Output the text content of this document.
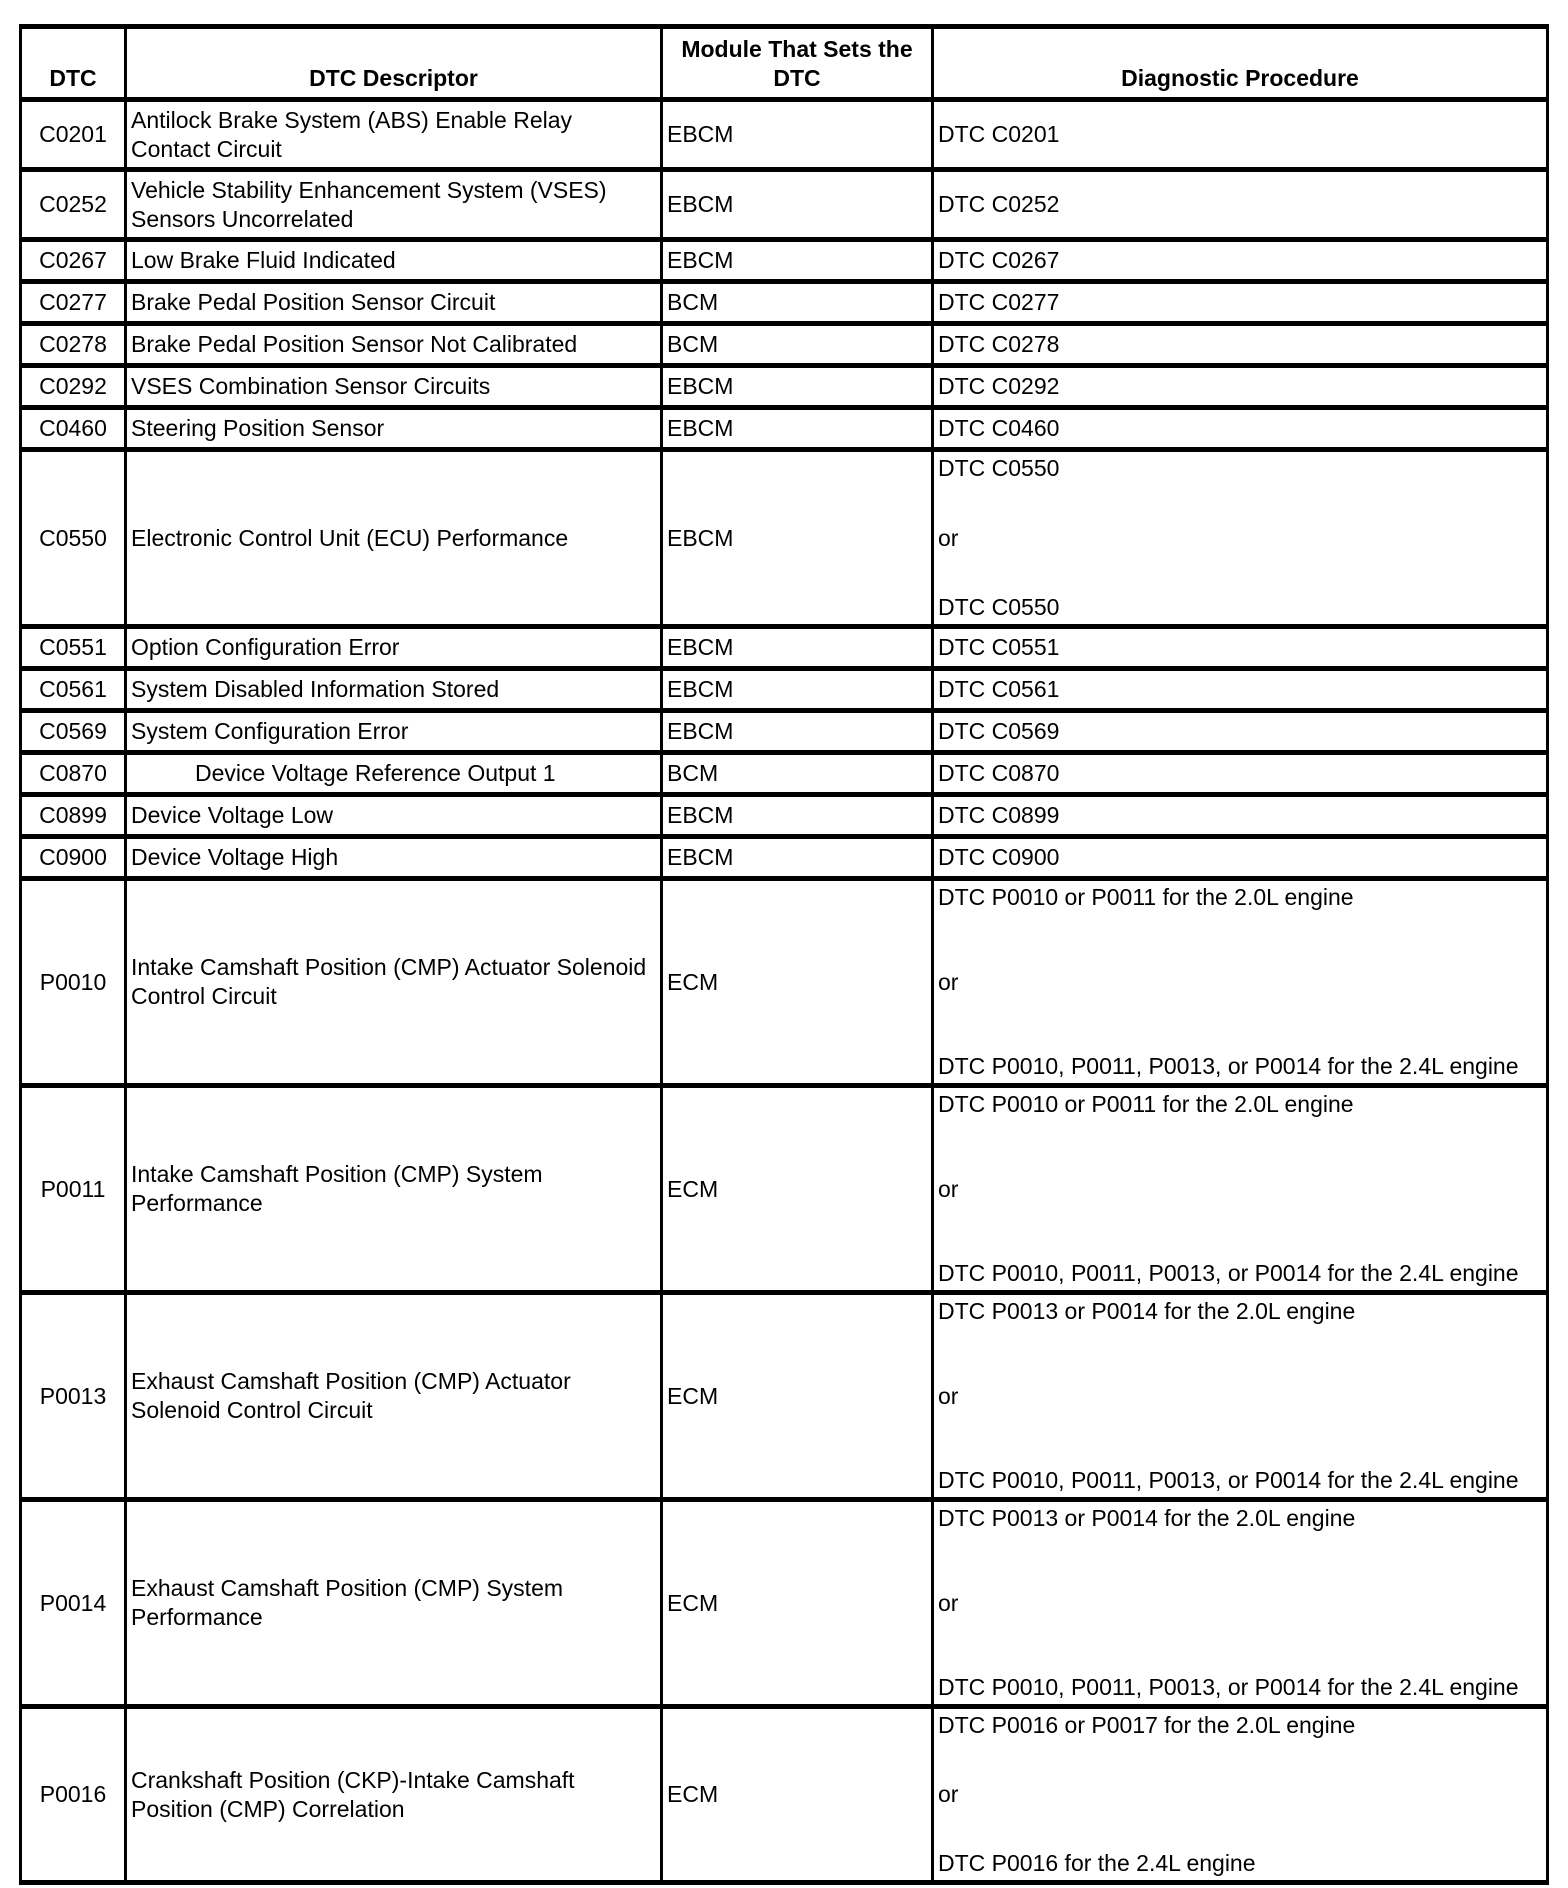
DTC	DTC Descriptor	Module That Sets the DTC	Diagnostic Procedure
C0201	Antilock Brake System (ABS) Enable Relay Contact Circuit	EBCM	DTC C0201
C0252	Vehicle Stability Enhancement System (VSES) Sensors Uncorrelated	EBCM	DTC C0252
C0267	Low Brake Fluid Indicated	EBCM	DTC C0267
C0277	Brake Pedal Position Sensor Circuit	BCM	DTC C0277
C0278	Brake Pedal Position Sensor Not Calibrated	BCM	DTC C0278
C0292	VSES Combination Sensor Circuits	EBCM	DTC C0292
C0460	Steering Position Sensor	EBCM	DTC C0460
C0550	Electronic Control Unit (ECU) Performance	EBCM	DTC C0550
or
DTC C0550

C0551	Option Configuration Error	EBCM	DTC C0551
C0561	System Disabled Information Stored	EBCM	DTC C0561
C0569	System Configuration Error	EBCM	DTC C0569
C0870	Device Voltage Reference Output 1	BCM	DTC C0870
C0899	Device Voltage Low	EBCM	DTC C0899
C0900	Device Voltage High	EBCM	DTC C0900
P0010	Intake Camshaft Position (CMP) Actuator Solenoid Control Circuit	ECM	DTC P0010 or P0011 for the 2.0L engine
or
DTC P0010, P0011, P0013, or P0014 for the 2.4L engine

P0011	Intake Camshaft Position (CMP) System Performance	ECM	DTC P0010 or P0011 for the 2.0L engine
or
DTC P0010, P0011, P0013, or P0014 for the 2.4L engine

P0013	Exhaust Camshaft Position (CMP) Actuator Solenoid Control Circuit	ECM	DTC P0013 or P0014 for the 2.0L engine
or
DTC P0010, P0011, P0013, or P0014 for the 2.4L engine

P0014	Exhaust Camshaft Position (CMP) System Performance	ECM	DTC P0013 or P0014 for the 2.0L engine
or
DTC P0010, P0011, P0013, or P0014 for the 2.4L engine

P0016	Crankshaft Position (CKP)-Intake Camshaft Position (CMP) Correlation	ECM	DTC P0016 or P0017 for the 2.0L engine
or
DTC P0016 for the 2.4L engine
